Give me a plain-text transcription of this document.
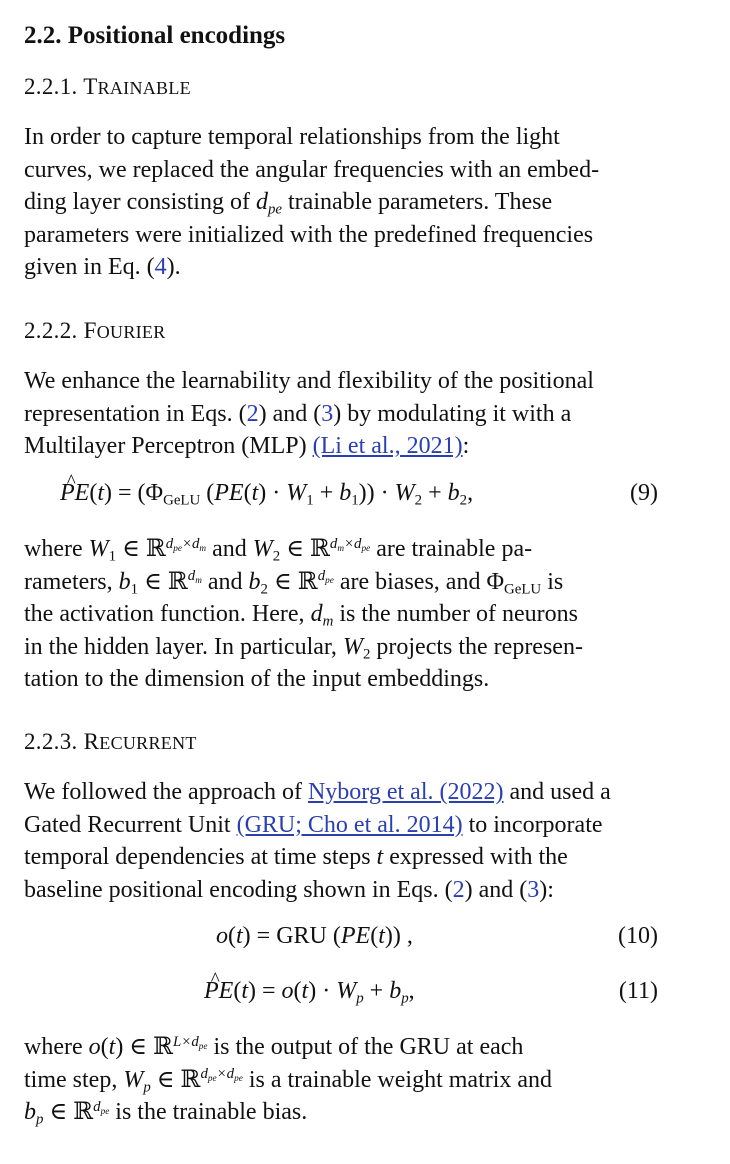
2.2. Positional encodings
2.2.1. TRAINABLE
In order to capture temporal relationships from the light
curves, we replaced the angular frequencies with an embed-
ding layer consisting of $d_{pe}$ trainable parameters. These
parameters were initialized with the predefined frequencies
given in Eq. (4).
2.2.2. FOURIER
We enhance the learnability and flexibility of the positional
representation in Eqs. (2) and (3) by modulating it with a
Multilayer Perceptron (MLP) (Li et al., 2021):
^ $PE(t) = (\Phi_{GeLU}$ $(PE(t) \cdot W_1 + b_1)) \cdot W_2 + b_2$,	(9)
where $W_1$ ∈ ℝ$^{d_{pe}\times d_m}$ and $W_2$ ∈ ℝ$^{d_m\times d_{pe}}$ are trainable pa-
rameters, $b_1$ ∈ ℝ$^{d_m}$ and $b_2$ ∈ ℝ$^{d_{pe}}$ are biases, and $\Phi_{GeLU}$ is
the activation function. Here, $d_m$ is the number of neurons
in the hidden layer. In particular, $W_2$ projects the represen-
tation to the dimension of the input embeddings.
2.2.3. RECURRENT
We followed the approach of Nyborg et al. (2022) and used a
Gated Recurrent Unit (GRU; Cho et al. 2014) to incorporate
temporal dependencies at time steps t expressed with the
baseline positional encoding shown in Eqs. (2) and (3):
o(t) = GRU (PE(t)) ,	(10)
^ $PE(t) = o(t) \cdot W_p + b_p$,	(11)
where o(t) ∈ ℝ$^{L\times d_{pe}}$ is the output of the GRU at each
time step, $W_p$ ∈ ℝ$^{d_{pe}\times d_{pe}}$ is a trainable weight matrix and
$b_p$ ∈ ℝ$^{d_{pe}}$ is the trainable bias.
